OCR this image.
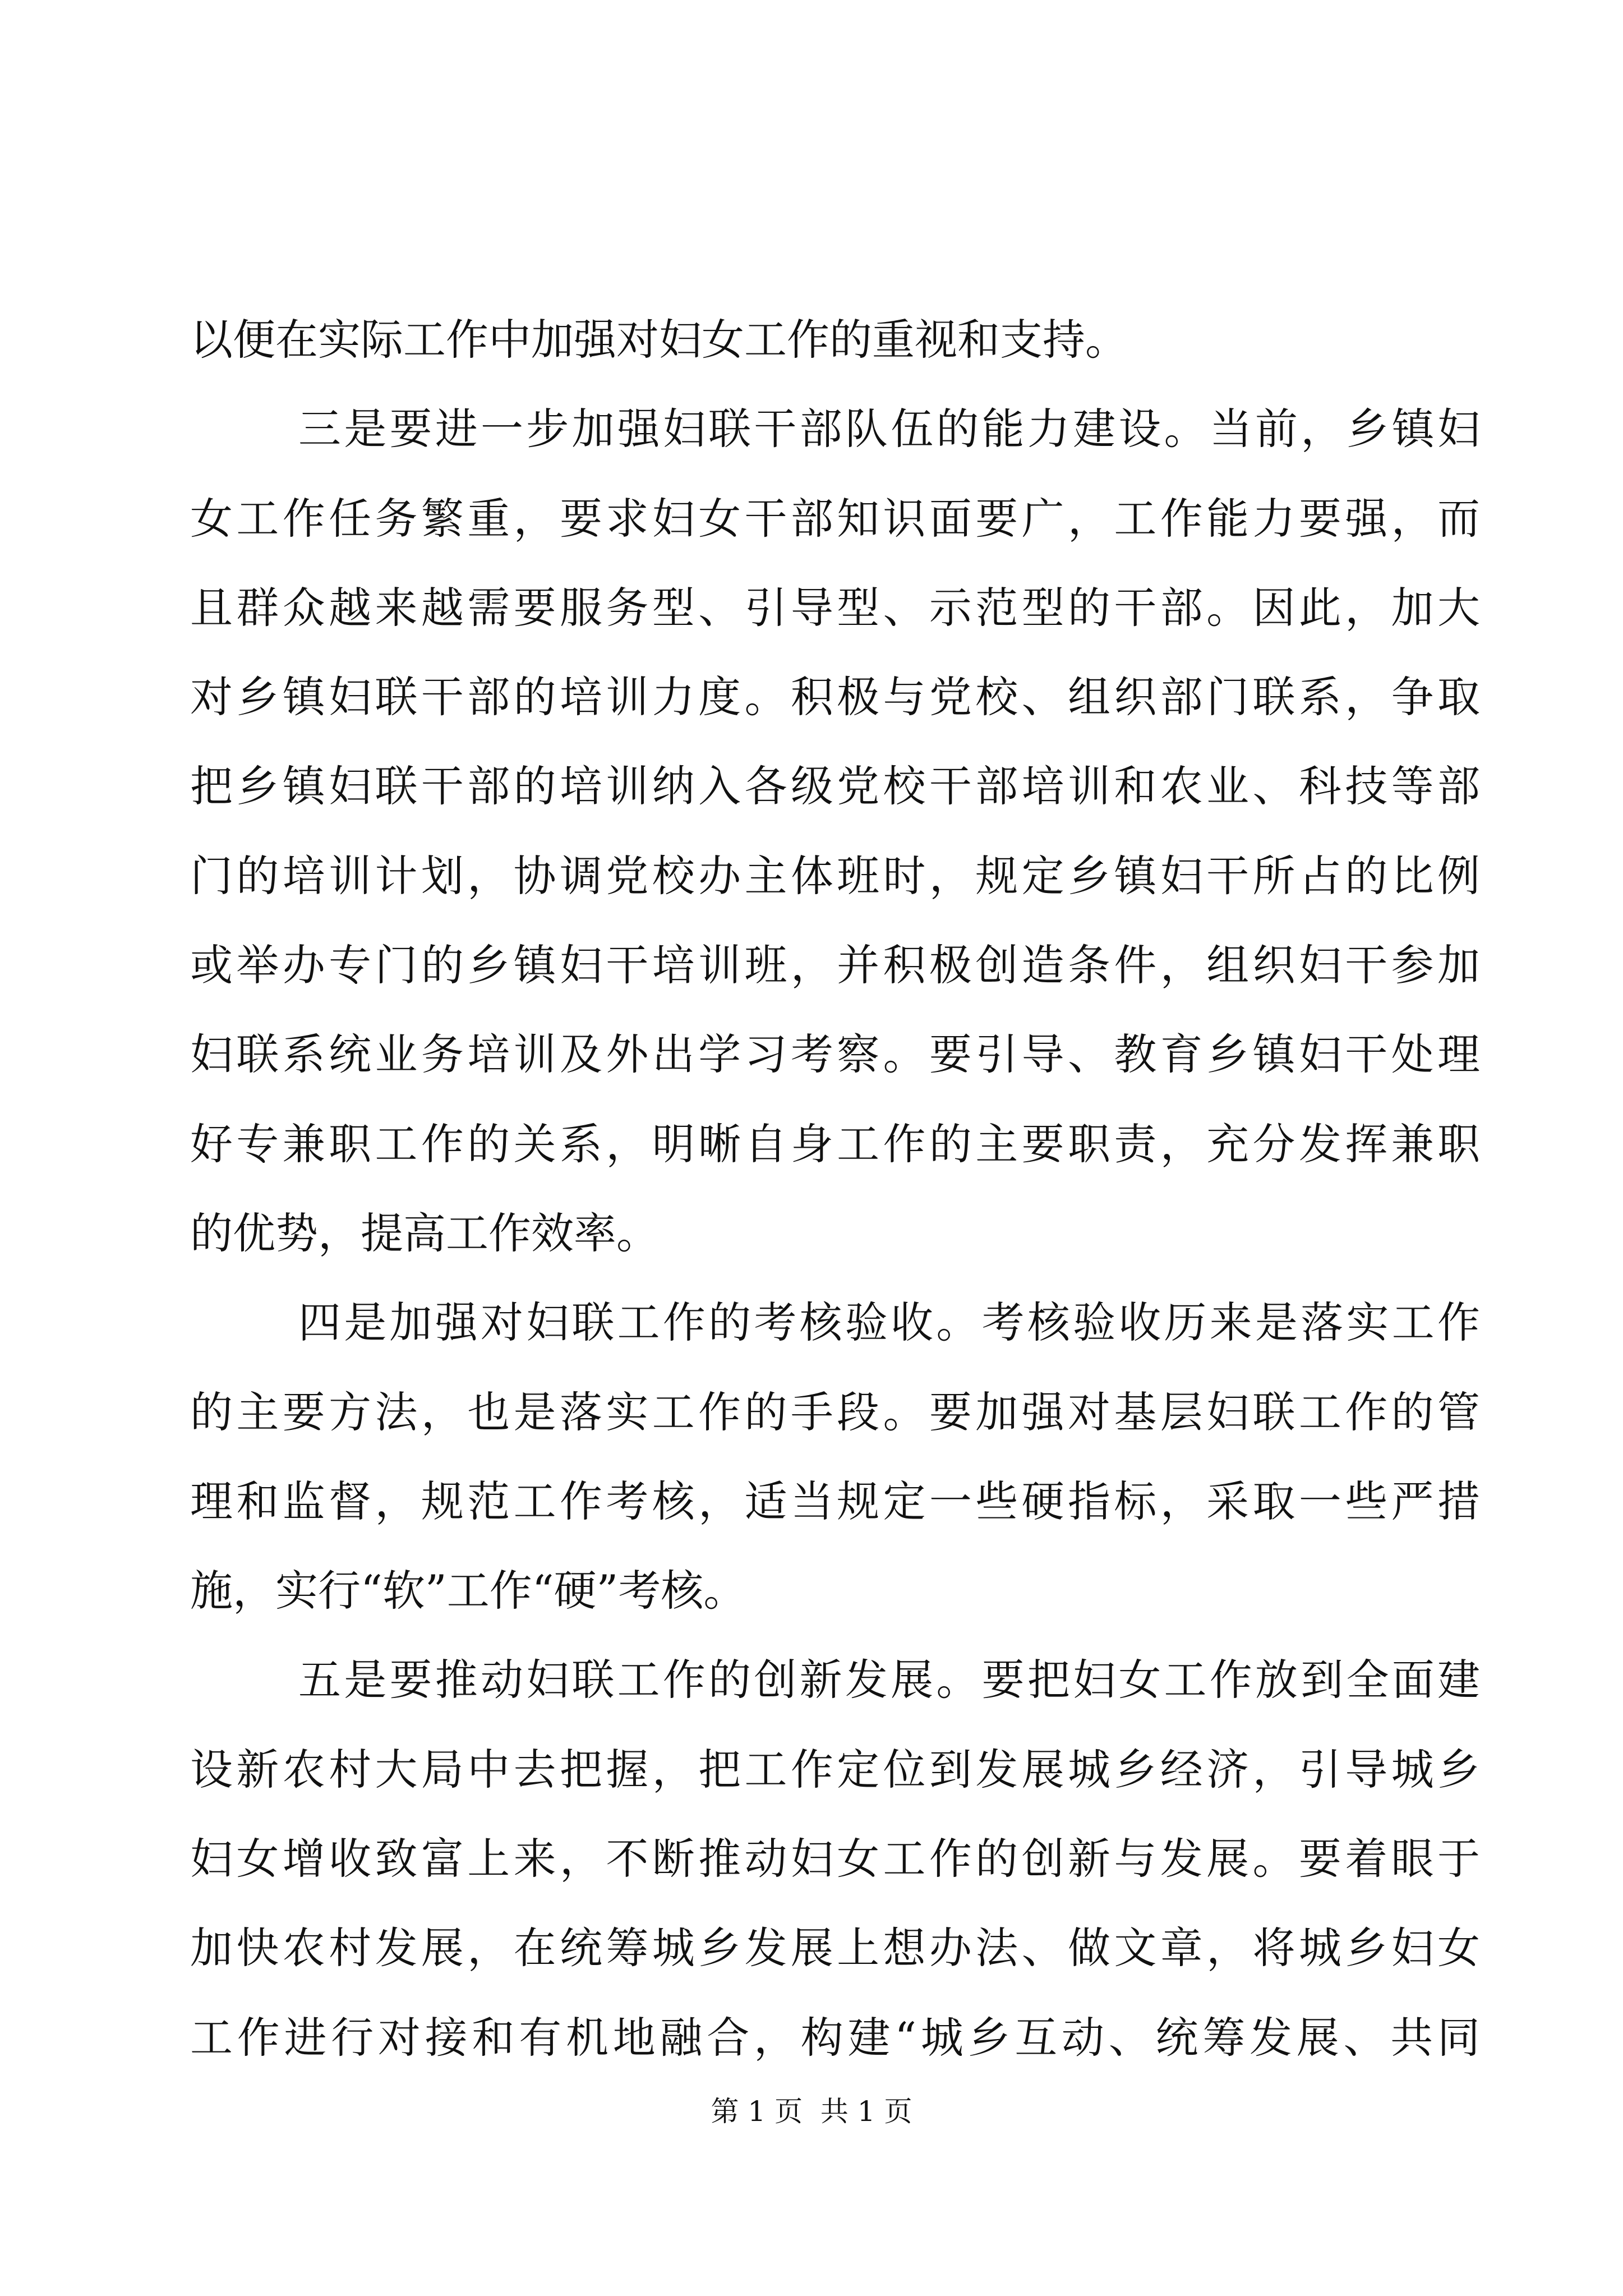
以便在实际工作中加强对妇女工作的重视和支持。
三是要进一步加强妇联干部队伍的能力建设。当前，乡镇妇
女工作任务繁重，要求妇女干部知识面要广，工作能力要强，而
且群众越来越需要服务型、引导型、示范型的干部。因此，加大
对乡镇妇联干部的培训力度。积极与党校、组织部门联系，争取
把乡镇妇联干部的培训纳入各级党校干部培训和农业、科技等部
门的培训计划，协调党校办主体班时，规定乡镇妇干所占的比例
或举办专门的乡镇妇干培训班，并积极创造条件，组织妇干参加
妇联系统业务培训及外出学习考察。要引导、教育乡镇妇干处理
好专兼职工作的关系，明晰自身工作的主要职责，充分发挥兼职
的优势，提高工作效率。
四是加强对妇联工作的考核验收。考核验收历来是落实工作
的主要方法，也是落实工作的手段。要加强对基层妇联工作的管
理和监督，规范工作考核，适当规定一些硬指标，采取一些严措
施，实行“软”工作“硬”考核。
五是要推动妇联工作的创新发展。要把妇女工作放到全面建
设新农村大局中去把握，把工作定位到发展城乡经济，引导城乡
妇女增收致富上来，不断推动妇女工作的创新与发展。要着眼于
加快农村发展，在统筹城乡发展上想办法、做文章，将城乡妇女
工作进行对接和有机地融合，构建“城乡互动、统筹发展、共同
第 1 页  共 1 页
